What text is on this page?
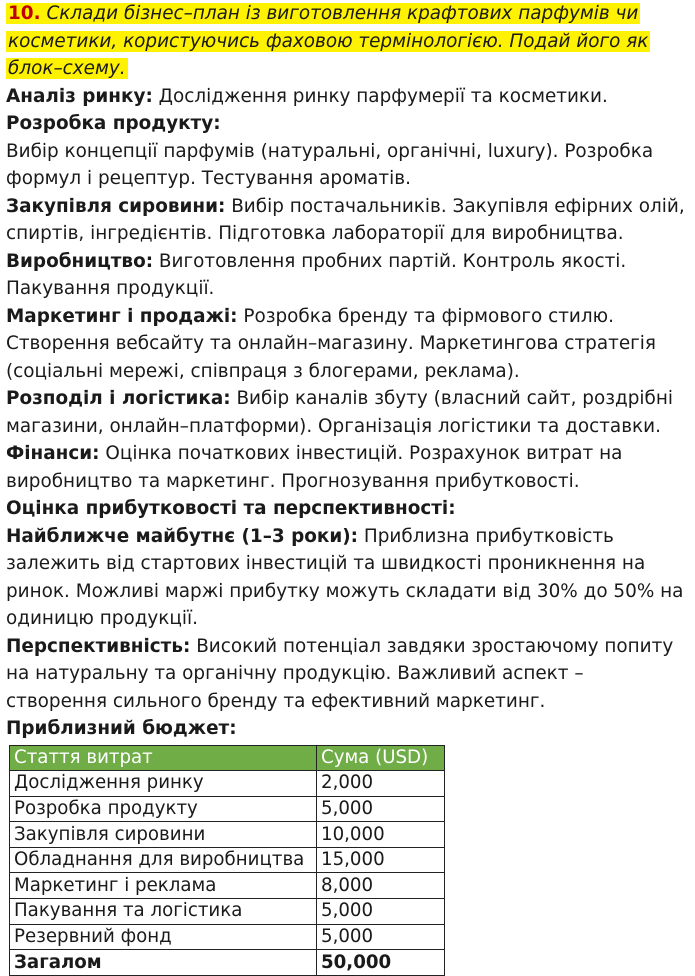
10. Склади бізнес–план із виготовлення крафтових парфумів чи косметики, користуючись фаховою термінологією. Подай його як блок–схему.

Аналіз ринку: Дослідження ринку парфумерії та косметики.

Розробка продукту:

Вибір концепції парфумів (натуральні, органічні, luxury). Розробка формул і рецептур. Тестування ароматів.

Закупівля сировини: Вибір постачальників. Закупівля ефірних олій, спиртів, інгредієнтів. Підготовка лабораторії для виробництва.

Виробництво: Виготовлення пробних партій. Контроль якості. Пакування продукції.

Маркетинг і продажі: Розробка бренду та фірмового стилю. Створення вебсайту та онлайн–магазину. Маркетингова стратегія (соціальні мережі, співпраця з блогерами, реклама).

Розподіл і логістика: Вибір каналів збуту (власний сайт, роздрібні магазини, онлайн–платформи). Організація логістики та доставки.

Фінанси: Оцінка початкових інвестицій. Розрахунок витрат на виробництво та маркетинг. Прогнозування прибутковості.

Оцінка прибутковості та перспективності:

Найближче майбутнє (1–3 роки): Приблизна прибутковість залежить від стартових інвестицій та швидкості проникнення на ринок. Можливі маржі прибутку можуть складати від 30% до 50% на одиницю продукції.

Перспективність: Високий потенціал завдяки зростаючому попиту на натуральну та органічну продукцію. Важливий аспект – створення сильного бренду та ефективний маркетинг.

Приблизний бюджет:

Стаття витрат	Сума (USD)
Дослідження ринку	2,000
Розробка продукту	5,000
Закупівля сировини	10,000
Обладнання для виробництва	15,000
Маркетинг і реклама	8,000
Пакування та логістика	5,000
Резервний фонд	5,000
Загалом	50,000
